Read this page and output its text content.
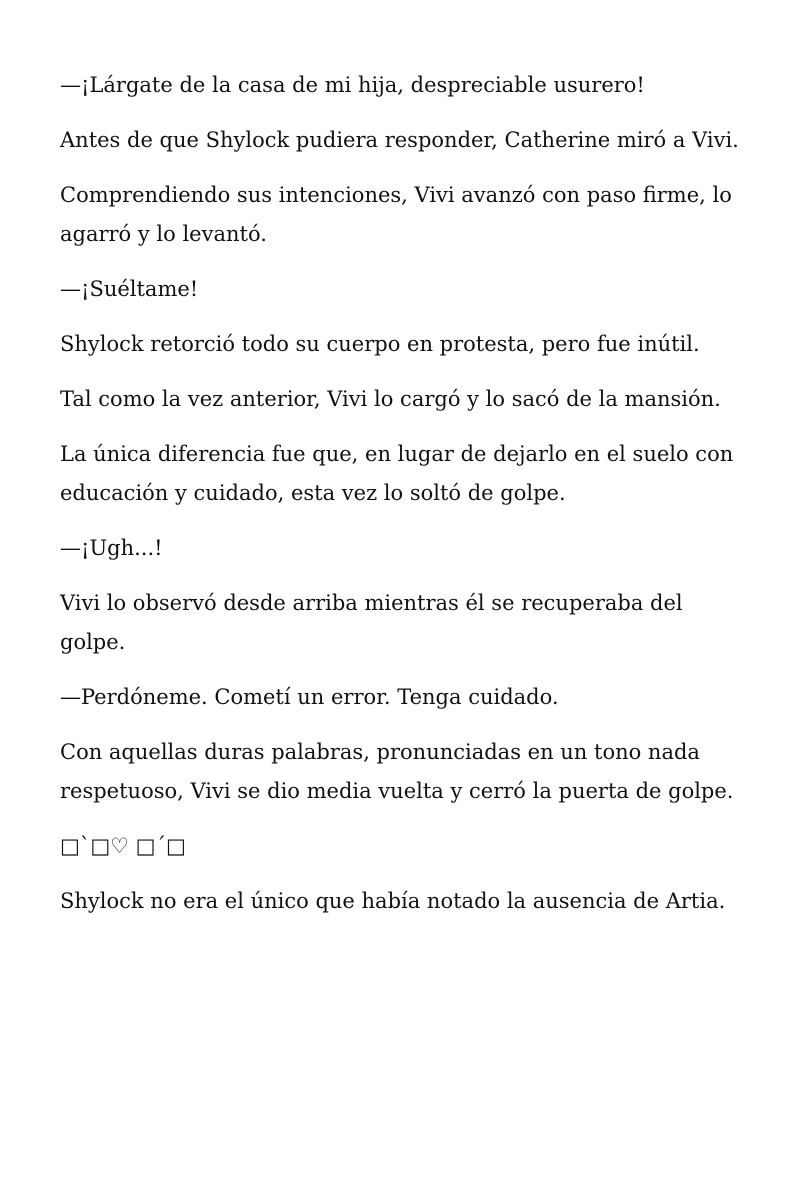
—¡Lárgate de la casa de mi hija, despreciable usurero!

Antes de que Shylock pudiera responder, Catherine miró a Vivi.

Comprendiendo sus intenciones, Vivi avanzó con paso firme, lo agarró y lo levantó.

—¡Suéltame!

Shylock retorció todo su cuerpo en protesta, pero fue inútil.

Tal como la vez anterior, Vivi lo cargó y lo sacó de la mansión.

La única diferencia fue que, en lugar de dejarlo en el suelo con educación y cuidado, esta vez lo soltó de golpe.

—¡Ugh...!

Vivi lo observó desde arriba mientras él se recuperaba del golpe.

—Perdóneme. Cometí un error. Tenga cuidado.

Con aquellas duras palabras, pronunciadas en un tono nada respetuoso, Vivi se dio media vuelta y cerró la puerta de golpe.

□`□♡ □´□

Shylock no era el único que había notado la ausencia de Artia.
